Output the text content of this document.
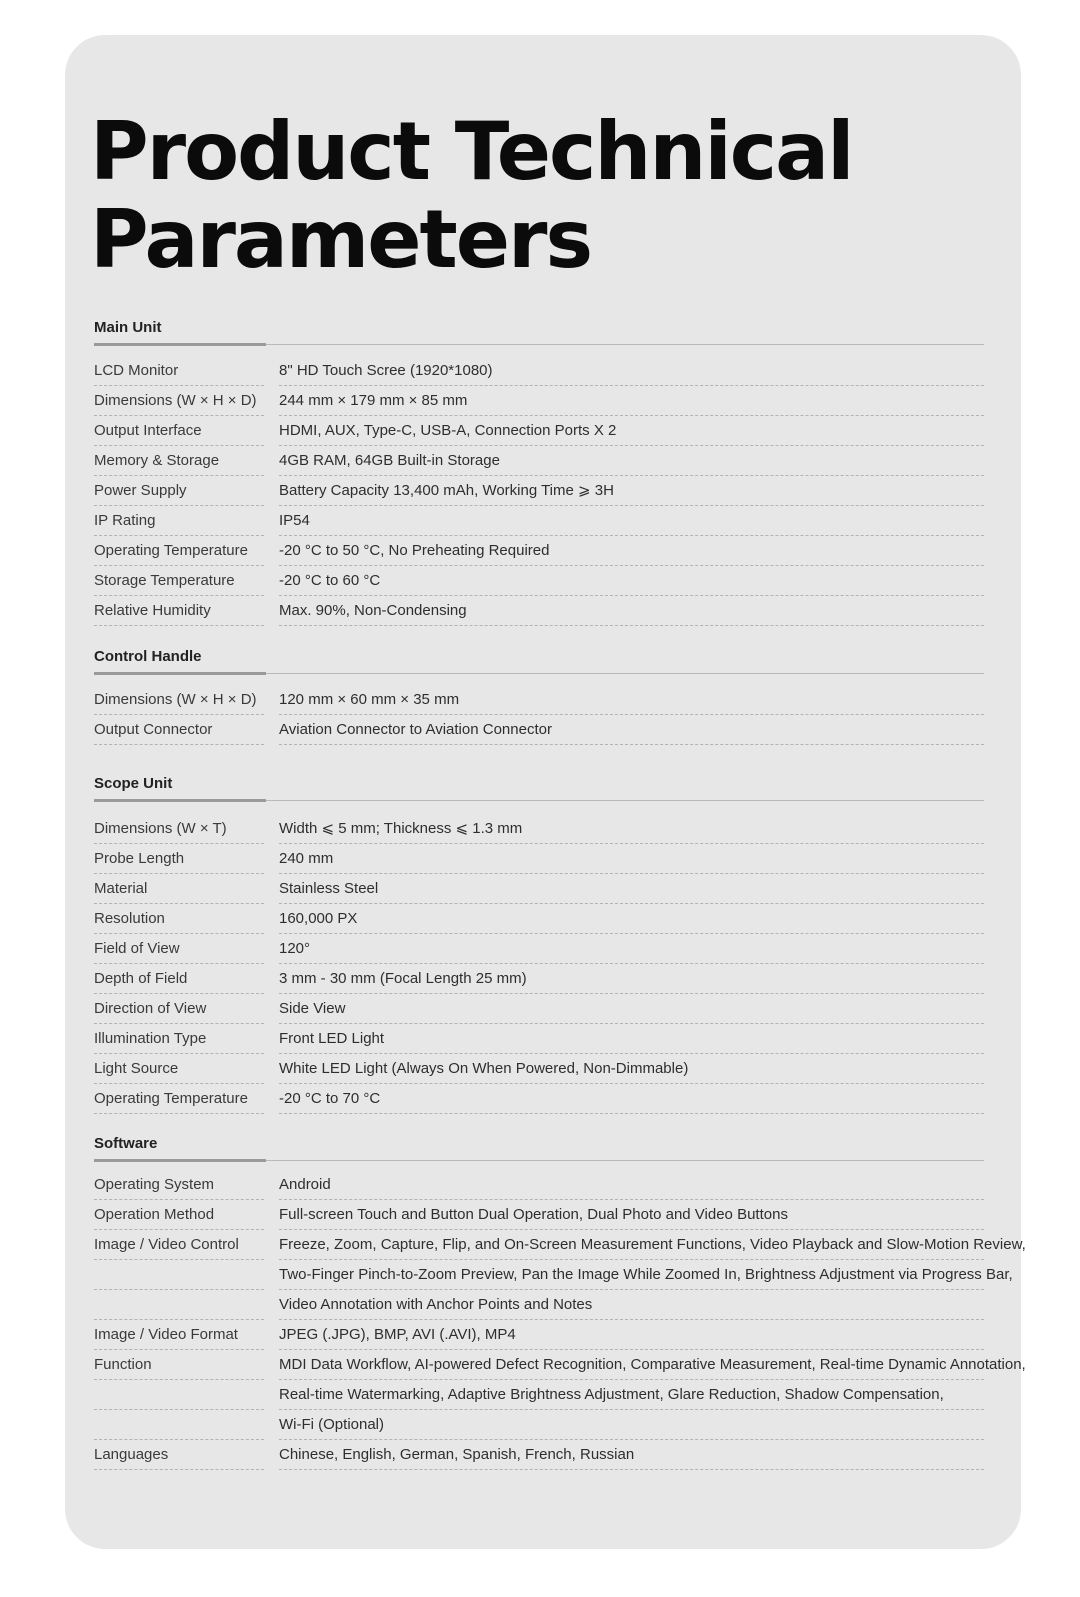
Product Technical
Parameters
Main Unit
LCD Monitor	8" HD Touch Scree (1920*1080)
Dimensions (W × H × D)	244 mm × 179 mm × 85 mm
Output Interface	HDMI, AUX, Type-C, USB-A, Connection Ports X 2
Memory & Storage	4GB RAM, 64GB Built-in Storage
Power Supply	Battery Capacity 13,400 mAh, Working Time ⩾ 3H
IP Rating	IP54
Operating Temperature	-20 °C to 50 °C, No Preheating Required
Storage Temperature	-20 °C to 60 °C
Relative Humidity	Max. 90%, Non-Condensing
Control Handle
Dimensions (W × H × D)	120 mm × 60 mm × 35 mm
Output Connector	Aviation Connector to Aviation Connector
Scope Unit
Dimensions (W × T)	Width ⩽ 5 mm; Thickness ⩽ 1.3 mm
Probe Length	240 mm
Material	Stainless Steel
Resolution	160,000 PX
Field of View	120°
Depth of Field	3 mm - 30 mm (Focal Length 25 mm)
Direction of View	Side View
Illumination Type	Front LED Light
Light Source	White LED Light (Always On When Powered, Non-Dimmable)
Operating Temperature	-20 °C to 70 °C
Software
Operating System	Android
Operation Method	Full-screen Touch and Button Dual Operation, Dual Photo and Video Buttons
Image / Video Control	Freeze, Zoom, Capture, Flip, and On-Screen Measurement Functions, Video Playback and Slow-Motion Review,
Two-Finger Pinch-to-Zoom Preview, Pan the Image While Zoomed In, Brightness Adjustment via Progress Bar,
Video Annotation with Anchor Points and Notes
Image / Video Format	JPEG (.JPG), BMP, AVI (.AVI), MP4
Function	MDI Data Workflow, AI-powered Defect Recognition, Comparative Measurement, Real-time Dynamic Annotation,
Real-time Watermarking, Adaptive Brightness Adjustment, Glare Reduction, Shadow Compensation,
Wi-Fi (Optional)
Languages	Chinese, English, German, Spanish, French, Russian
